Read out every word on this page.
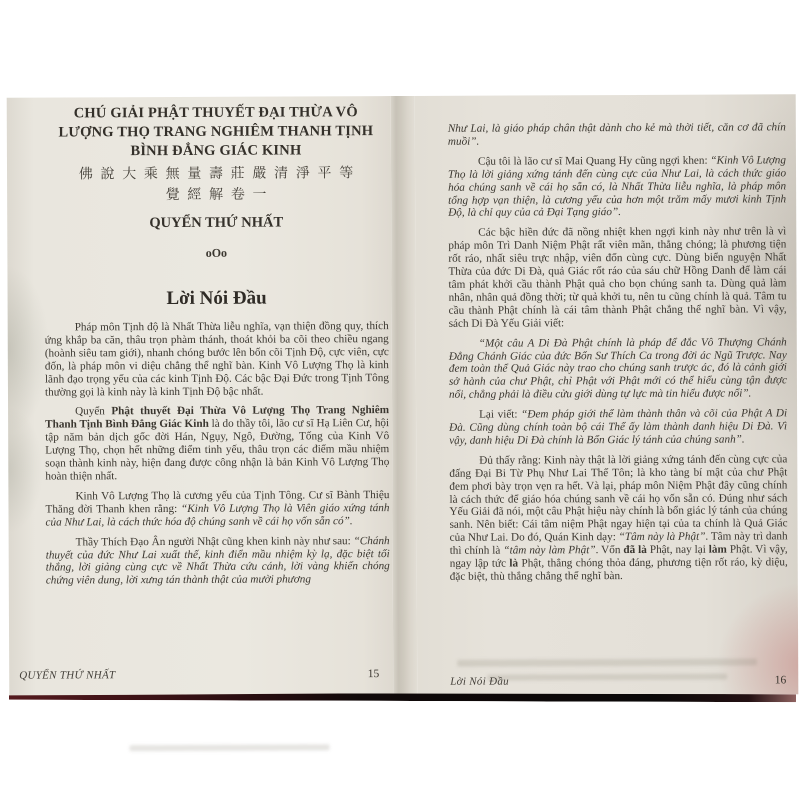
CHÚ GIẢI PHẬT THUYẾT ĐẠI THỪA VÔ
LƯỢNG THỌ TRANG NGHIÊM THANH TỊNH
BÌNH ĐẲNG GIÁC KINH
佛說大乘無量壽莊嚴清淨平等
覺經解卷一
QUYỂN THỨ NHẤT
oOo
Lời Nói Đầu

Pháp môn Tịnh độ là Nhất Thừa liễu nghĩa, vạn thiện đồng quy, thích ứng khắp ba căn, thâu trọn phàm thánh, thoát khỏi ba cõi theo chiều ngang (hoành siêu tam giới), nhanh chóng bước lên bốn cõi Tịnh Độ, cực viên, cực đốn, là pháp môn vi diệu chẳng thể nghĩ bàn. Kinh Vô Lượng Thọ là kinh lãnh đạo trọng yếu của các kinh Tịnh Độ. Các bậc Đại Đức trong Tịnh Tông thường gọi là kinh này là kinh Tịnh Độ bậc nhất.

Quyển Phật thuyết Đại Thừa Vô Lượng Thọ Trang Nghiêm Thanh Tịnh Bình Đẳng Giác Kinh là do thầy tôi, lão cư sĩ Hạ Liên Cư, hội tập năm bản dịch gốc đời Hán, Ngụy, Ngô, Đường, Tống của Kinh Vô Lượng Thọ, chọn hết những điểm tinh yếu, thâu trọn các điểm mầu nhiệm soạn thành kinh này, hiện đang được công nhận là bản Kinh Vô Lượng Thọ hoàn thiện nhất.

Kinh Vô Lượng Thọ là cương yếu của Tịnh Tông. Cư sĩ Bành Thiệu Thăng đời Thanh khen rằng: “Kinh Vô Lượng Thọ là Viên giáo xứng tánh của Như Lai, là cách thức hóa độ chúng sanh về cái họ vốn sẵn có”.

Thầy Thích Đạo Ân người Nhật cũng khen kinh này như sau: “Chánh thuyết của đức Như Lai xuất thế, kinh điển mầu nhiệm kỳ lạ, đặc biệt tối thắng, lời giảng cùng cực về Nhất Thừa cứu cánh, lời vàng khiến chóng chứng viên dung, lời xưng tán thành thật của mười phương

QUYỂN THỨ NHẤT	15

Như Lai, là giáo pháp chân thật dành cho kẻ mà thời tiết, căn cơ đã chín muồi”.

Cậu tôi là lão cư sĩ Mai Quang Hy cũng ngợi khen: “Kinh Vô Lượng Thọ là lời giảng xứng tánh đến cùng cực của Như Lai, là cách thức giáo hóa chúng sanh về cái họ sẵn có, là Nhất Thừa liễu nghĩa, là pháp môn tổng hợp vạn thiện, là cương yếu của hơn một trăm mấy mươi kinh Tịnh Độ, là chỉ quy của cả Đại Tạng giáo”.

Các bậc hiền đức đã nồng nhiệt khen ngợi kinh này như trên là vì pháp môn Trì Danh Niệm Phật rất viên mãn, thẳng chóng; là phương tiện rốt ráo, nhất siêu trực nhập, viên đốn cùng cực. Dùng biển nguyện Nhất Thừa của đức Di Đà, quả Giác rốt ráo của sáu chữ Hồng Danh để làm cái tâm phát khởi cầu thành Phật quả cho bọn chúng sanh ta. Dùng quả làm nhân, nhân quả đồng thời; từ quả khởi tu, nên tu cũng chính là quả. Tâm tu cầu thành Phật chính là cái tâm thành Phật chẳng thể nghĩ bàn. Vì vậy, sách Di Đà Yếu Giải viết:

“Một câu A Di Đà Phật chính là pháp để đắc Vô Thượng Chánh Đẳng Chánh Giác của đức Bổn Sư Thích Ca trong đời ác Ngũ Trược. Nay đem toàn thể Quả Giác này trao cho chúng sanh trược ác, đó là cảnh giới sở hành của chư Phật, chỉ Phật với Phật mới có thể hiểu cùng tận được nổi, chẳng phải là điều cửu giới dùng tự lực mà tin hiểu được nổi”.

Lại viết: “Đem pháp giới thể làm thành thân và cõi của Phật A Di Đà. Cũng dùng chính toàn bộ cái Thể ấy làm thành danh hiệu Di Đà. Vì vậy, danh hiệu Di Đà chính là Bổn Giác lý tánh của chúng sanh”.

Đủ thấy rằng: Kinh này thật là lời giảng xứng tánh đến cùng cực của đấng Đại Bi Từ Phụ Như Lai Thế Tôn; là kho tàng bí mật của chư Phật đem phơi bày trọn vẹn ra hết. Và lại, pháp môn Niệm Phật đây cũng chính là cách thức để giáo hóa chúng sanh về cái họ vốn sẵn có. Đúng như sách Yếu Giải đã nói, một câu Phật hiệu này chính là bổn giác lý tánh của chúng sanh. Nên biết: Cái tâm niệm Phật ngay hiện tại của ta chính là Quả Giác của Như Lai. Do đó, Quán Kinh dạy: “Tâm này là Phật”. Tâm này trì danh thì chính là “tâm này làm Phật”. Vốn đã là Phật, nay lại làm Phật. Vì vậy, ngay lập tức là Phật, thẳng chóng thỏa đáng, phương tiện rốt ráo, kỳ diệu, đặc biệt, thù thắng chẳng thể nghĩ bàn.

Lời Nói Đầu	16
